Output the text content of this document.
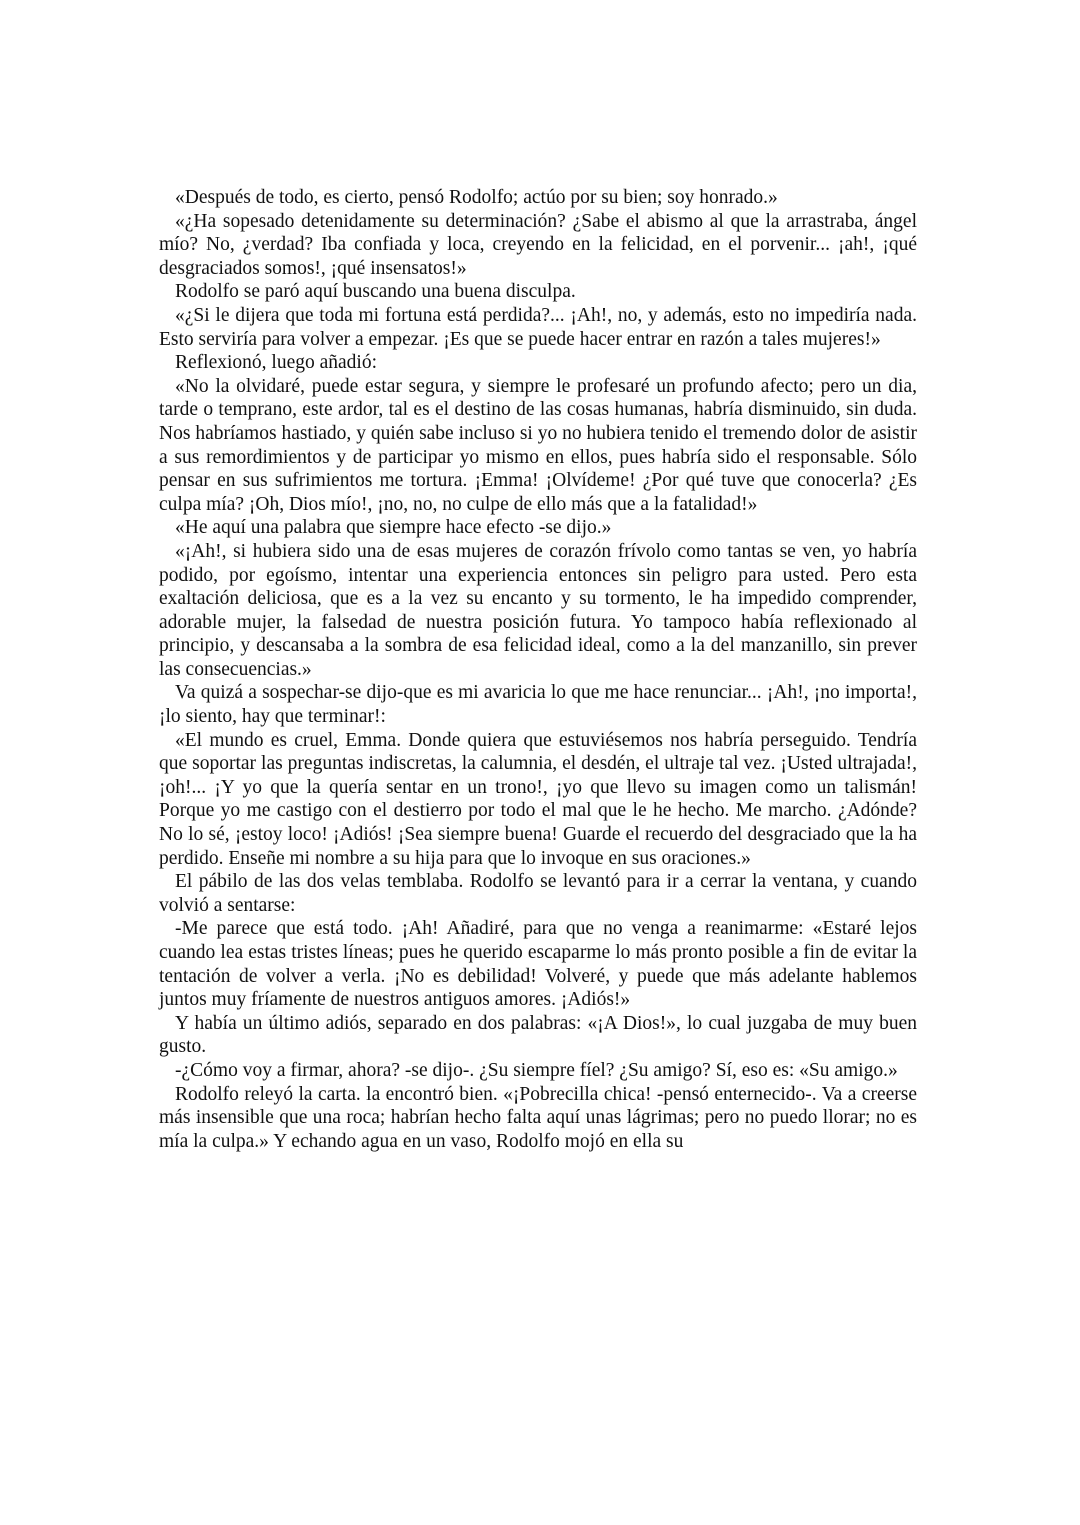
«Después de todo, es cierto, pensó Rodolfo; actúo por su bien; soy honrado.»

«¿Ha sopesado detenidamente su determinación? ¿Sabe el abismo al que la arrastraba, ángel mío? No, ¿verdad? Iba confiada y loca, creyendo en la felicidad, en el porvenir... ¡ah!, ¡qué desgraciados somos!, ¡qué insensatos!»

Rodolfo se paró aquí buscando una buena disculpa.

«¿Si le dijera que toda mi fortuna está perdida?... ¡Ah!, no, y además, esto no impediría nada. Esto serviría para volver a empezar. ¡Es que se puede hacer entrar en razón a tales mujeres!»

Reflexionó, luego añadió:

«No la olvidaré, puede estar segura, y siempre le profesaré un profundo afecto; pero un dia, tarde o temprano, este ardor, tal es el destino de las cosas humanas, habría disminuido, sin duda. Nos habríamos hastiado, y quién sabe incluso si yo no hubiera tenido el tremendo dolor de asistir a sus remordimientos y de participar yo mismo en ellos, pues habría sido el responsable. Sólo pensar en sus sufrimientos me tortura. ¡Emma! ¡Olvídeme! ¿Por qué tuve que conocerla? ¿Es culpa mía? ¡Oh, Dios mío!, ¡no, no, no culpe de ello más que a la fatalidad!»

«He aquí una palabra que siempre hace efecto -se dijo.»

«¡Ah!, si hubiera sido una de esas mujeres de corazón frívolo como tantas se ven, yo habría podido, por egoísmo, intentar una experiencia entonces sin peligro para usted. Pero esta exaltación deliciosa, que es a la vez su encanto y su tormento, le ha impedido comprender, adorable mujer, la falsedad de nuestra posición futura. Yo tampoco había reflexionado al principio, y descansaba a la sombra de esa felicidad ideal, como a la del manzanillo, sin prever las consecuencias.»

Va quizá a sospechar-se dijo-que es mi avaricia lo que me hace renunciar... ¡Ah!, ¡no importa!, ¡lo siento, hay que terminar!:

«El mundo es cruel, Emma. Donde quiera que estuviésemos nos habría perseguido. Tendría que soportar las preguntas indiscretas, la calumnia, el desdén, el ultraje tal vez. ¡Usted ultrajada!, ¡oh!... ¡Y yo que la quería sentar en un trono!, ¡yo que llevo su imagen como un talismán! Porque yo me castigo con el destierro por todo el mal que le he hecho. Me marcho. ¿Adónde? No lo sé, ¡estoy loco! ¡Adiós! ¡Sea siempre buena! Guarde el recuerdo del desgraciado que la ha perdido. Enseñe mi nombre a su hija para que lo invoque en sus oraciones.»

El pábilo de las dos velas temblaba. Rodolfo se levantó para ir a cerrar la ventana, y cuando volvió a sentarse:

-Me parece que está todo. ¡Ah! Añadiré, para que no venga a reanimarme: «Estaré lejos cuando lea estas tristes líneas; pues he querido escaparme lo más pronto posible a fin de evitar la tentación de volver a verla. ¡No es debilidad! Volveré, y puede que más adelante hablemos juntos muy fríamente de nuestros antiguos amores. ¡Adiós!»

Y había un último adiós, separado en dos palabras: «¡A Dios!», lo cual juzgaba de muy buen gusto.

-¿Cómo voy a firmar, ahora? -se dijo-. ¿Su siempre fíel? ¿Su amigo? Sí, eso es: «Su amigo.»

Rodolfo releyó la carta. la encontró bien. «¡Pobrecilla chica! -pensó enternecido-. Va a creerse más insensible que una roca; habrían hecho falta aquí unas lágrimas; pero no puedo llorar; no es mía la culpa.» Y echando agua en un vaso, Rodolfo mojó en ella su
